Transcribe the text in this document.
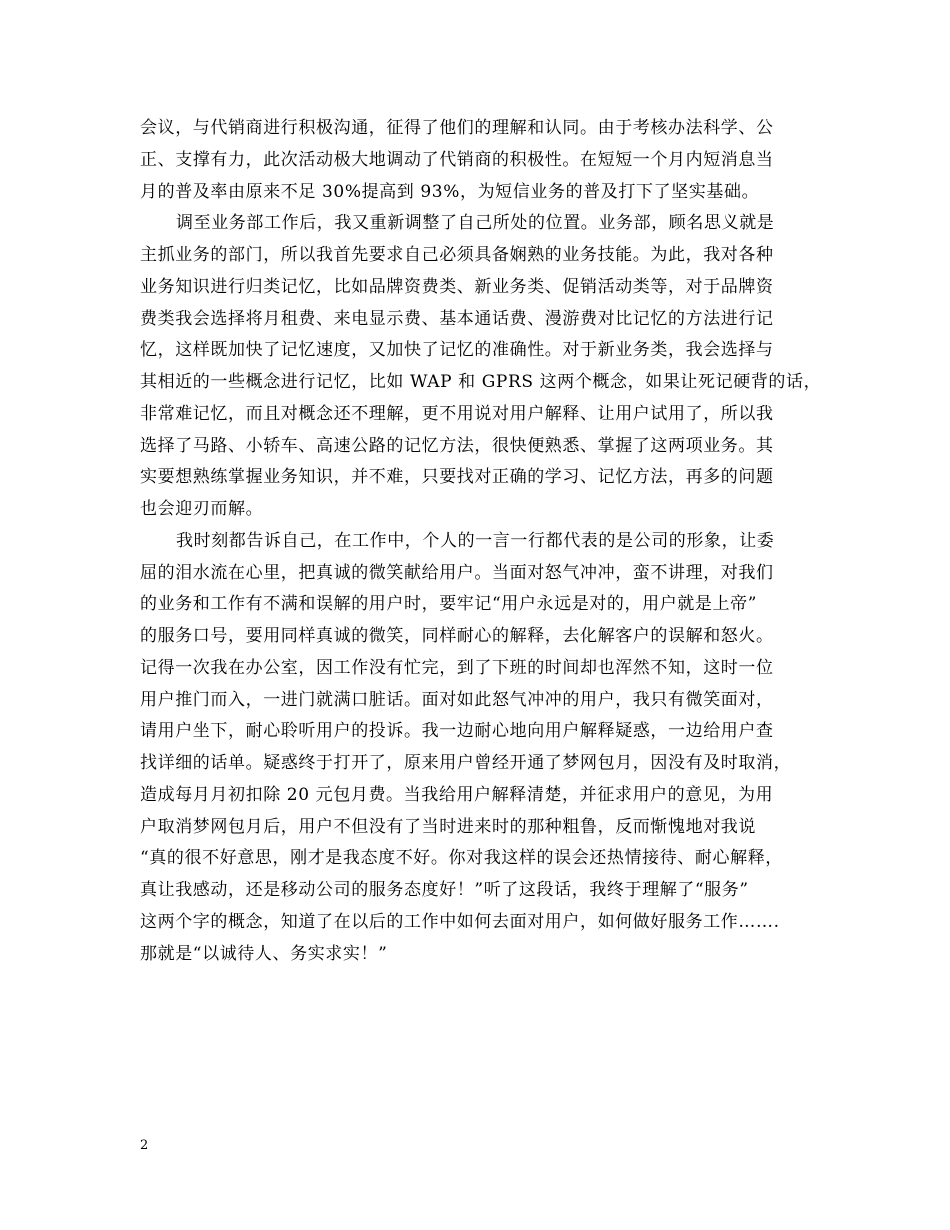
会议，与代销商进行积极沟通，征得了他们的理解和认同。由于考核办法科学、公
正、支撑有力，此次活动极大地调动了代销商的积极性。在短短一个月内短消息当
月的普及率由原来不足 30%提高到 93%，为短信业务的普及打下了坚实基础。
调至业务部工作后，我又重新调整了自己所处的位置。业务部，顾名思义就是
主抓业务的部门，所以我首先要求自己必须具备娴熟的业务技能。为此，我对各种
业务知识进行归类记忆，比如品牌资费类、新业务类、促销活动类等，对于品牌资
费类我会选择将月租费、来电显示费、基本通话费、漫游费对比记忆的方法进行记
忆，这样既加快了记忆速度，又加快了记忆的准确性。对于新业务类，我会选择与
其相近的一些概念进行记忆，比如 WAP 和 GPRS 这两个概念，如果让死记硬背的话，
非常难记忆，而且对概念还不理解，更不用说对用户解释、让用户试用了，所以我
选择了马路、小轿车、高速公路的记忆方法，很快便熟悉、掌握了这两项业务。其
实要想熟练掌握业务知识，并不难，只要找对正确的学习、记忆方法，再多的问题
也会迎刃而解。
我时刻都告诉自己，在工作中，个人的一言一行都代表的是公司的形象，让委
屈的泪水流在心里，把真诚的微笑献给用户。当面对怒气冲冲，蛮不讲理，对我们
的业务和工作有不满和误解的用户时，要牢记“用户永远是对的，用户就是上帝”
的服务口号，要用同样真诚的微笑，同样耐心的解释，去化解客户的误解和怒火。
记得一次我在办公室，因工作没有忙完，到了下班的时间却也浑然不知，这时一位
用户推门而入，一进门就满口脏话。面对如此怒气冲冲的用户，我只有微笑面对，
请用户坐下，耐心聆听用户的投诉。我一边耐心地向用户解释疑惑，一边给用户查
找详细的话单。疑惑终于打开了，原来用户曾经开通了梦网包月，因没有及时取消，
造成每月月初扣除 20 元包月费。当我给用户解释清楚，并征求用户的意见，为用
户取消梦网包月后，用户不但没有了当时进来时的那种粗鲁，反而惭愧地对我说
“真的很不好意思，刚才是我态度不好。你对我这样的误会还热情接待、耐心解释，
真让我感动，还是移动公司的服务态度好！”听了这段话，我终于理解了“服务”
这两个字的概念，知道了在以后的工作中如何去面对用户，如何做好服务工作…….
那就是“以诚待人、务实求实！”
2
